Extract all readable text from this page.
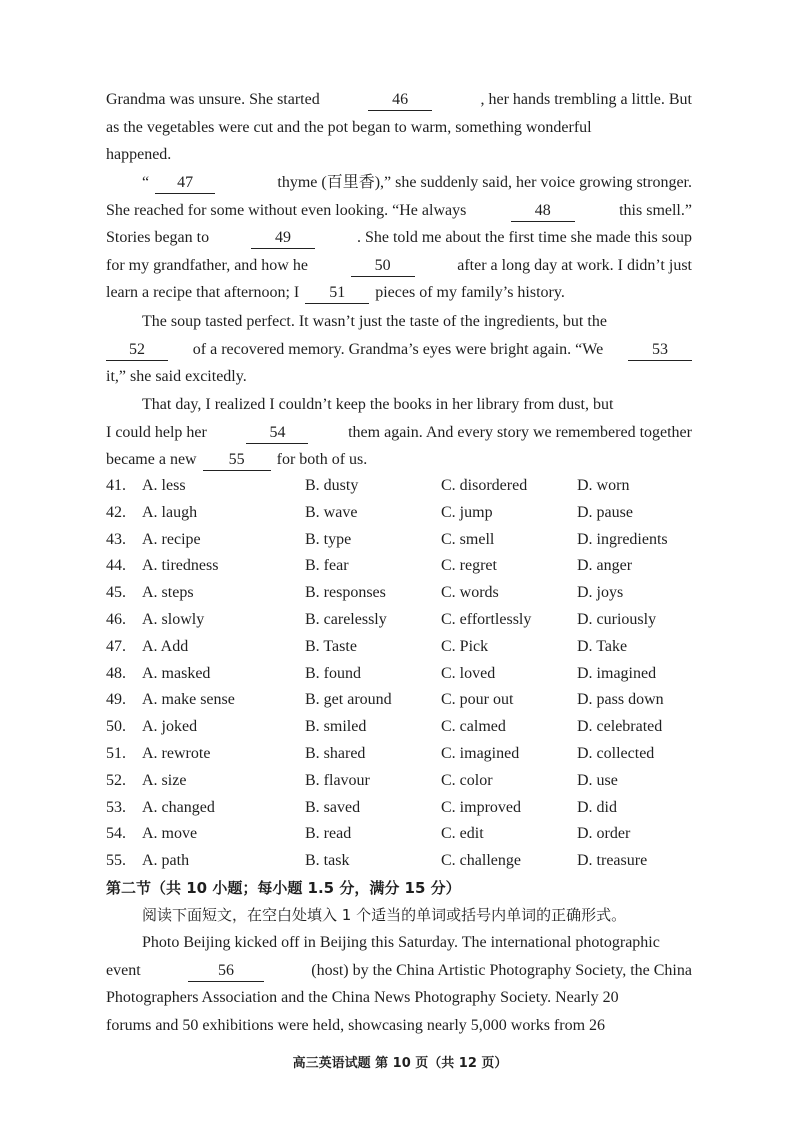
Grandma was unsure. She started	46	, her hands trembling a little. But
as the vegetables were cut and the pot began to warm, something wonderful
happened.
“	47	thyme (百里香),” she suddenly said, her voice growing stronger.
She reached for some without even looking. “He always	48	this smell.”
Stories began to	49	. She told me about the first time she made this soup
for my grandfather, and how he	50	after a long day at work. I didn’t just
learn a recipe that afternoon; I	51	pieces of my family’s history.
The soup tasted perfect. It wasn’t just the taste of the ingredients, but the
52	of a recovered memory. Grandma’s eyes were bright again. “We	53
it,” she said excitedly.
That day, I realized I couldn’t keep the books in her library from dust, but
I could help her	54	them again. And every story we remembered together
became a new	55	for both of us.
41.	A. less	B. dusty	C. disordered	D. worn
42.	A. laugh	B. wave	C. jump	D. pause
43.	A. recipe	B. type	C. smell	D. ingredients
44.	A. tiredness	B. fear	C. regret	D. anger
45.	A. steps	B. responses	C. words	D. joys
46.	A. slowly	B. carelessly	C. effortlessly	D. curiously
47.	A. Add	B. Taste	C. Pick	D. Take
48.	A. masked	B. found	C. loved	D. imagined
49.	A. make sense	B. get around	C. pour out	D. pass down
50.	A. joked	B. smiled	C. calmed	D. celebrated
51.	A. rewrote	B. shared	C. imagined	D. collected
52.	A. size	B. flavour	C. color	D. use
53.	A. changed	B. saved	C. improved	D. did
54.	A. move	B. read	C. edit	D. order
55.	A. path	B. task	C. challenge	D. treasure
第二节（共 10 小题；每小题 1.5 分，满分 15 分）
阅读下面短文，在空白处填入 1 个适当的单词或括号内单词的正确形式。
Photo Beijing kicked off in Beijing this Saturday. The international photographic
event	56	(host) by the China Artistic Photography Society, the China
Photographers Association and the China News Photography Society. Nearly 20
forums and 50 exhibitions were held, showcasing nearly 5,000 works from 26
高三英语试题 第 10 页（共 12 页）
